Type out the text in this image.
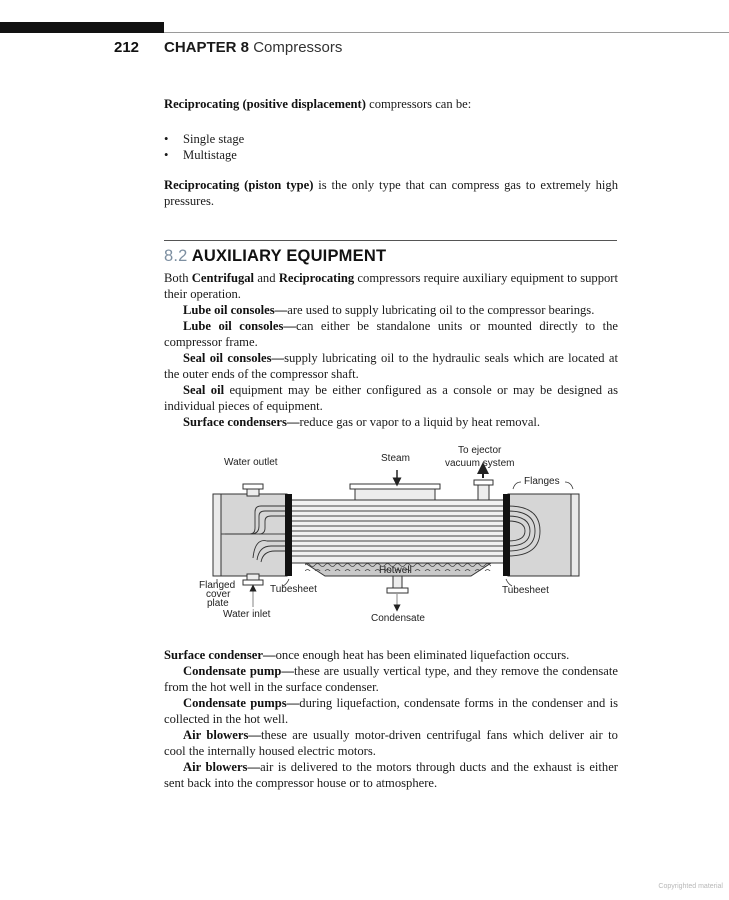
212 CHAPTER 8 Compressors

Reciprocating (positive displacement) compressors can be:

• Single stage
• Multistage

Reciprocating (piston type) is the only type that can compress gas to extremely high pressures.

8.2 AUXILIARY EQUIPMENT
Both Centrifugal and Reciprocating compressors require auxiliary equipment to support their operation.
Lube oil consoles—are used to supply lubricating oil to the compressor bearings.
Lube oil consoles—can either be standalone units or mounted directly to the compressor frame.
Seal oil consoles—supply lubricating oil to the hydraulic seals which are located at the outer ends of the compressor shaft.
Seal oil equipment may be either configured as a console or may be designed as individual pieces of equipment.
Surface condensers—reduce gas or vapor to a liquid by heat removal.
Water outlet	Steam
To ejector
vacuum system
Flanges
Hotwell
Flanged
cover
plate
Tubesheet	Tubesheet
Water inlet	Condensate
Surface condenser—once enough heat has been eliminated liquefaction occurs.
Condensate pump—these are usually vertical type, and they remove the condensate from the hot well in the surface condenser.
Condensate pumps—during liquefaction, condensate forms in the condenser and is collected in the hot well.
Air blowers—these are usually motor-driven centrifugal fans which deliver air to cool the internally housed electric motors.
Air blowers—air is delivered to the motors through ducts and the exhaust is either sent back into the compressor house or to atmosphere.
Copyrighted material
